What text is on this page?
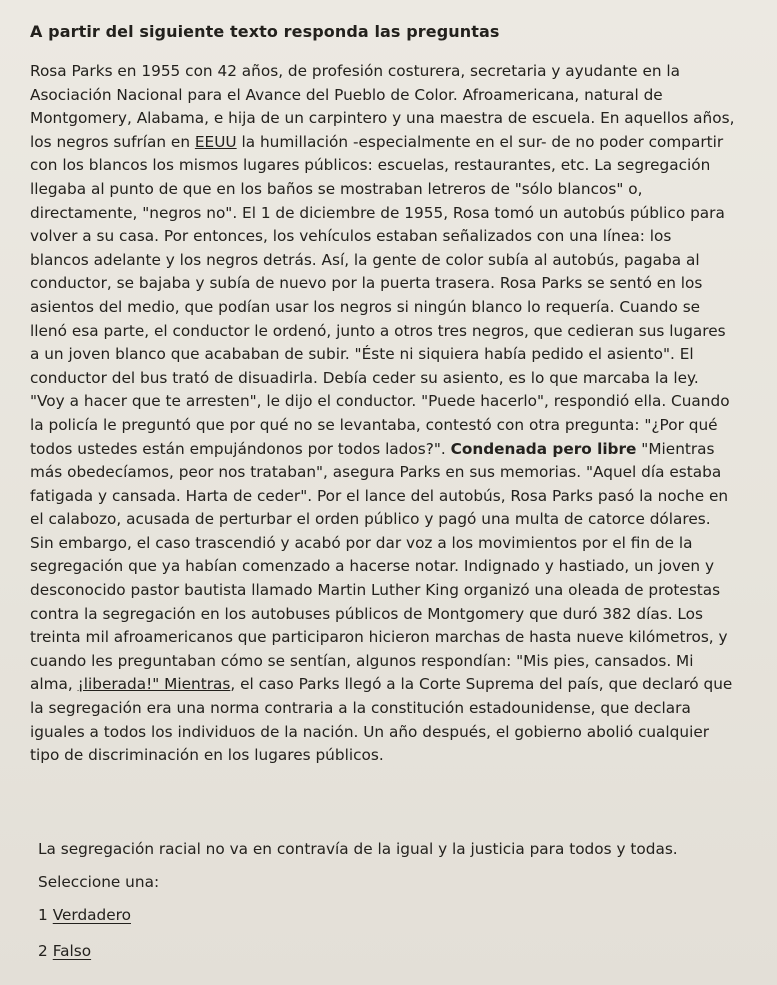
A partir del siguiente texto responda las preguntas
Rosa Parks en 1955 con 42 años, de profesión costurera, secretaria y ayudante en la
Asociación Nacional para el Avance del Pueblo de Color. Afroamericana, natural de
Montgomery, Alabama, e hija de un carpintero y una maestra de escuela. En aquellos años,
los negros sufrían en EEUU la humillación -especialmente en el sur- de no poder compartir
con los blancos los mismos lugares públicos: escuelas, restaurantes, etc. La segregación
llegaba al punto de que en los baños se mostraban letreros de "sólo blancos" o,
directamente, "negros no". El 1 de diciembre de 1955, Rosa tomó un autobús público para
volver a su casa. Por entonces, los vehículos estaban señalizados con una línea: los
blancos adelante y los negros detrás. Así, la gente de color subía al autobús, pagaba al
conductor, se bajaba y subía de nuevo por la puerta trasera. Rosa Parks se sentó en los
asientos del medio, que podían usar los negros si ningún blanco lo requería. Cuando se
llenó esa parte, el conductor le ordenó, junto a otros tres negros, que cedieran sus lugares
a un joven blanco que acababan de subir. "Éste ni siquiera había pedido el asiento". El
conductor del bus trató de disuadirla. Debía ceder su asiento, es lo que marcaba la ley.
"Voy a hacer que te arresten", le dijo el conductor. "Puede hacerlo", respondió ella. Cuando
la policía le preguntó que por qué no se levantaba, contestó con otra pregunta: "¿Por qué
todos ustedes están empujándonos por todos lados?". Condenada pero libre "Mientras
más obedecíamos, peor nos trataban", asegura Parks en sus memorias. "Aquel día estaba
fatigada y cansada. Harta de ceder". Por el lance del autobús, Rosa Parks pasó la noche en
el calabozo, acusada de perturbar el orden público y pagó una multa de catorce dólares.
Sin embargo, el caso trascendió y acabó por dar voz a los movimientos por el fin de la
segregación que ya habían comenzado a hacerse notar. Indignado y hastiado, un joven y
desconocido pastor bautista llamado Martin Luther King organizó una oleada de protestas
contra la segregación en los autobuses públicos de Montgomery que duró 382 días. Los
treinta mil afroamericanos que participaron hicieron marchas de hasta nueve kilómetros, y
cuando les preguntaban cómo se sentían, algunos respondían: "Mis pies, cansados. Mi
alma, ¡liberada!" Mientras, el caso Parks llegó a la Corte Suprema del país, que declaró que
la segregación era una norma contraria a la constitución estadounidense, que declara
iguales a todos los individuos de la nación. Un año después, el gobierno abolió cualquier
tipo de discriminación en los lugares públicos.
La segregación racial no va en contravía de la igual y la justicia para todos y todas.
Seleccione una:
1 Verdadero
2 Falso
